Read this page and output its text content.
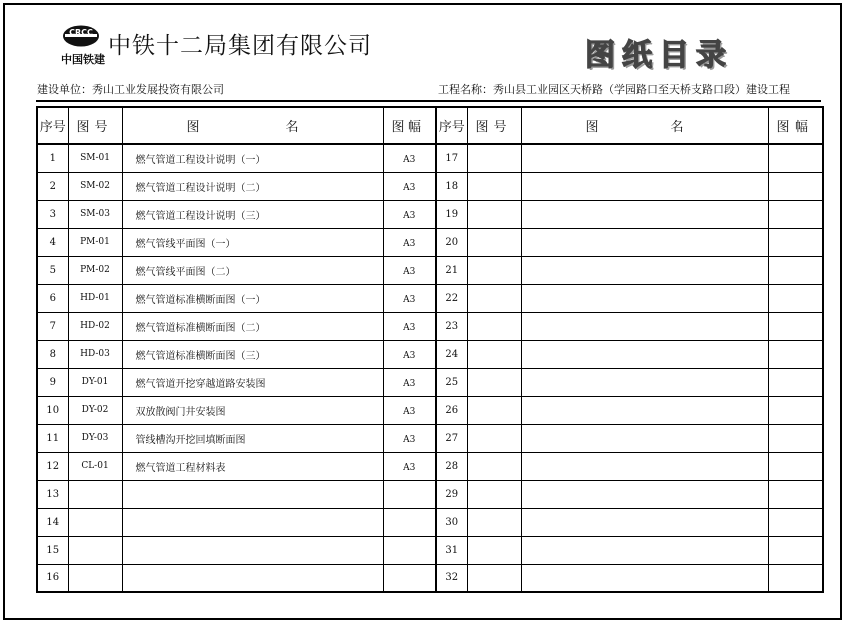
CRCC
中铁十二局集团有限公司
中国铁建	图纸目录
建设单位：秀山工业发展投资有限公司	工程名称：秀山县工业园区天桥路（学园路口至天桥支路口段）建设工程
序号	图 号	图 名	图 幅

1	SM-01	燃气管道工程设计说明（一）	A3
2	SM-02	燃气管道工程设计说明（二）	A3
3	SM-03	燃气管道工程设计说明（三）	A3
4	PM-01	燃气管线平面图（一）	A3
5	PM-02	燃气管线平面图（二）	A3
6	HD-01	燃气管道标准横断面图（一）	A3
7	HD-02	燃气管道标准横断面图（二）	A3
8	HD-03	燃气管道标准横断面图（三）	A3
9	DY-01	燃气管道开挖穿越道路安装图	A3
10	DY-02	双放散阀门井安装图	A3
11	DY-03	管线槽沟开挖回填断面图	A3
12	CL-01	燃气管道工程材料表	A3
13			
14			
15			
16			
序号	图 号	图 名	图 幅

17			
18			
19			
20			
21			
22			
23			
24			
25			
26			
27			
28			
29			
30			
31			
32			
